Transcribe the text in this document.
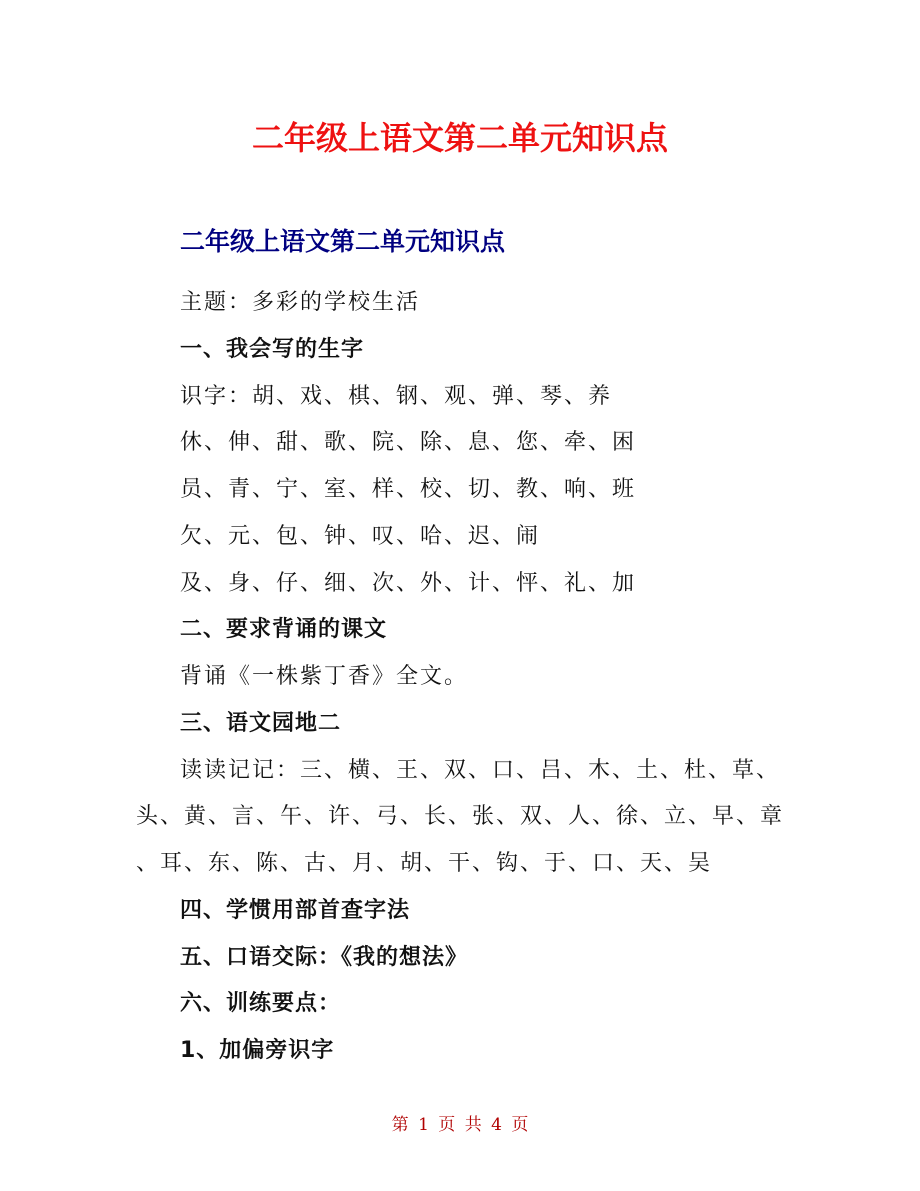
二年级上语文第二单元知识点
二年级上语文第二单元知识点
主题：多彩的学校生活
一、我会写的生字
识字：胡、戏、棋、钢、观、弹、琴、养
休、伸、甜、歌、院、除、息、您、牵、困
员、青、宁、室、样、校、切、教、响、班
欠、元、包、钟、叹、哈、迟、闹
及、身、仔、细、次、外、计、怦、礼、加
二、要求背诵的课文
背诵《一株紫丁香》全文。
三、语文园地二
读读记记：三、横、王、双、口、吕、木、土、杜、草、
头、黄、言、午、许、弓、长、张、双、人、徐、立、早、章
、耳、东、陈、古、月、胡、干、钩、于、口、天、吴
四、学惯用部首查字法
五、口语交际：《我的想法》
六、训练要点：
1、加偏旁识字
第 1 页 共 4 页
